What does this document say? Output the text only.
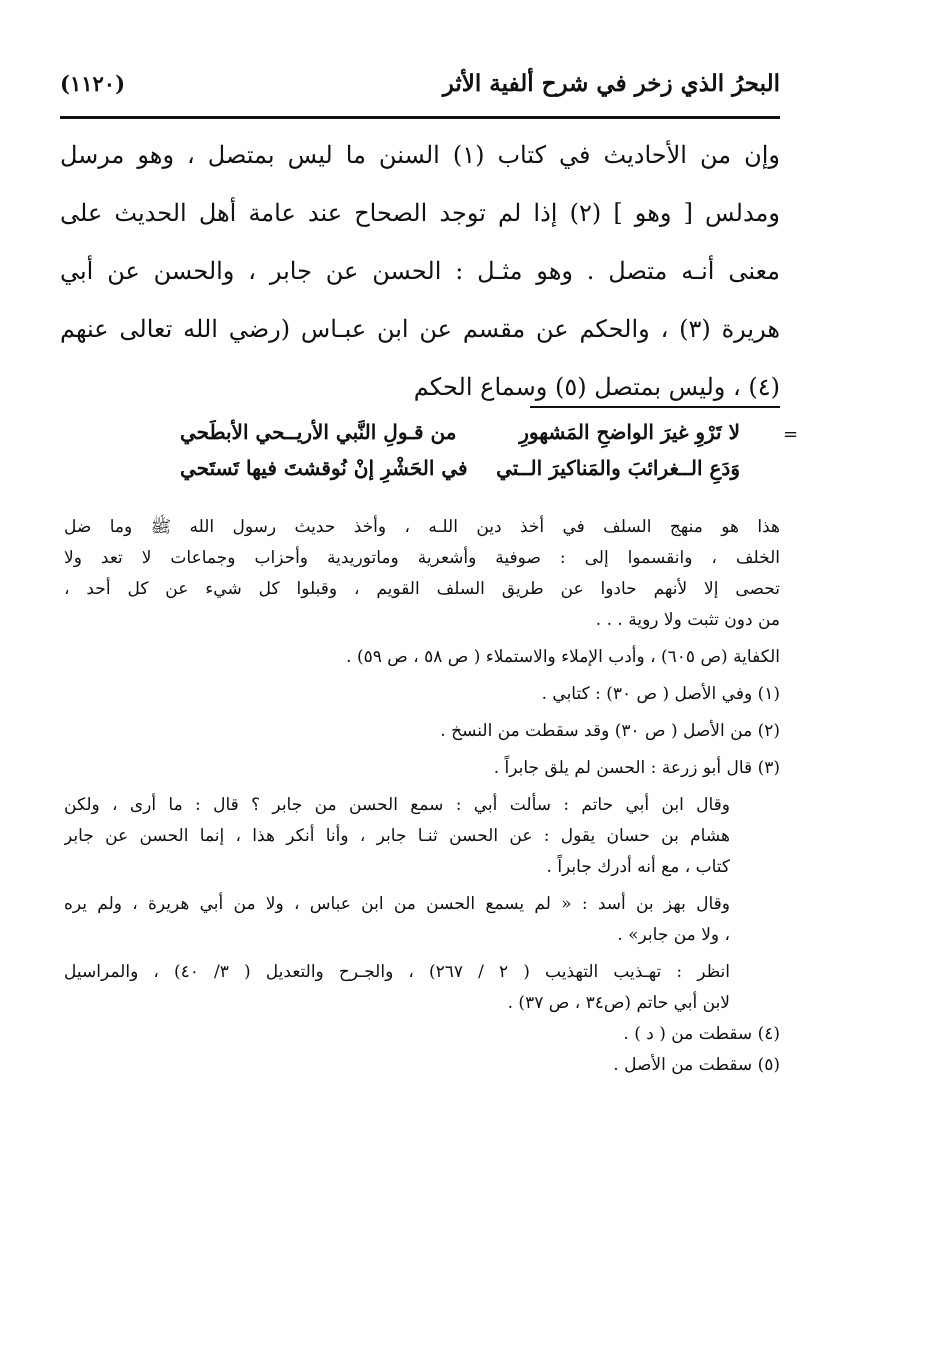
البحرُ الذي زخر في شرح ألفية الأثر
(١١٢٠)
وإن من الأحاديث في كتاب (١) السنن ما ليس بمتصل ، وهو مرسل
ومدلس [ وهو ] (٢) إذا لم توجد الصحاح عند عامة أهل الحديث على
معنى أنـه متصل . وهو مثـل : الحسن عن جابر ، والحسن عن أبي
هريرة (٣) ، والحكم عن مقسم عن ابن عبـاس (رضي الله تعالى عنهم
(٤) ، وليس بمتصل (٥) وسماع الحكم
=
لا تَرْوِ غيرَ الواضحِ المَشهورِ
من قـولِ النَّبي الأريــحي الأبطَحي
وَدَعِ الــغرائبَ والمَناكيرَ الــتي
في الحَشْرِ إنْ نُوقشتَ فيها تَستَحي
هذا هو منهج السلف في أخذ دين اللـه ، وأخذ حديث رسول الله ﷺ وما ضل
الخلف ، وانقسموا إلى : صوفية وأشعرية وماتوريدية وأحزاب وجماعات لا تعد ولا
تحصى إلا لأنهم حادوا عن طريق السلف القويم ، وقبلوا كل شيء عن كل أحد ،
من دون تثبت ولا روية . . .
الكفاية (ص ٦٠٥) ، وأدب الإملاء والاستملاء ( ص ٥٨ ، ص ٥٩) .
(١) وفي الأصل ( ص ٣٠) : كتابي .
(٢) من الأصل ( ص ٣٠) وقد سقطت من النسخ .
(٣) قال أبو زرعة : الحسن لم يلق جابراً .
وقال ابن أبي حاتم : سألت أبي : سمع الحسن من جابر ؟ قال : ما أرى ، ولكن
هشام بن حسان يقول : عن الحسن ثنـا جابر ، وأنا أنكر هذا ، إنما الحسن عن جابر
كتاب ، مع أنه أدرك جابراً .
وقال بهز بن أسد : « لم يسمع الحسن من ابن عباس ، ولا من أبي هريرة ، ولم يره
، ولا من جابر» .
انظر : تهـذيب التهذيب ( ٢ / ٢٦٧) ، والجـرح والتعديل ( ٣/ ٤٠) ، والمراسيل
لابن أبي حاتم (ص٣٤ ، ص ٣٧) .
(٤) سقطت من ( د ) .
(٥) سقطت من الأصل .
